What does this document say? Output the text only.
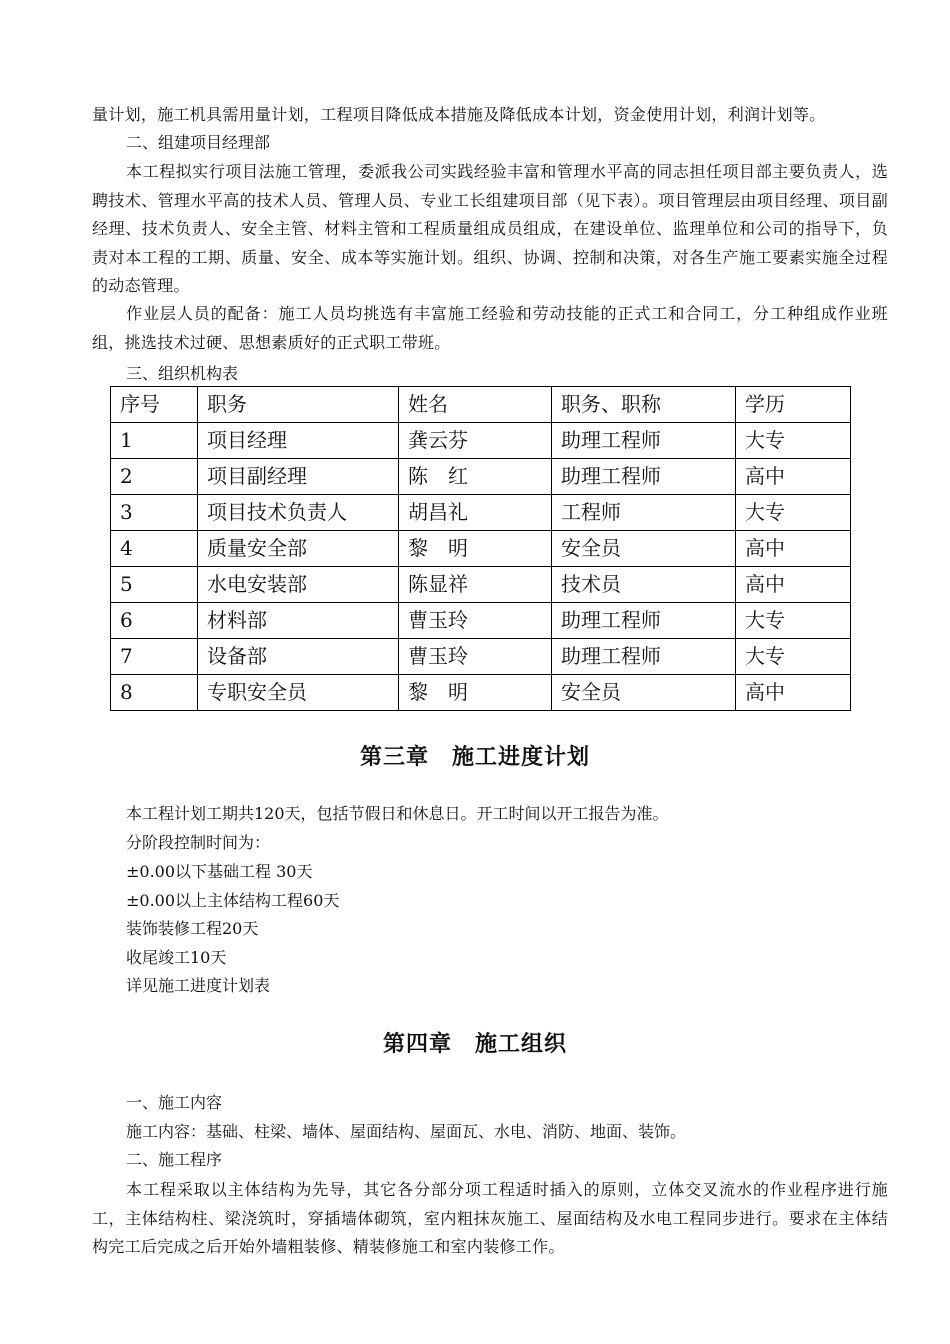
量计划，施工机具需用量计划，工程项目降低成本措施及降低成本计划，资金使用计划，利润计划等。

二、组建项目经理部

本工程拟实行项目法施工管理，委派我公司实践经验丰富和管理水平高的同志担任项目部主要负责人，选聘技术、管理水平高的技术人员、管理人员、专业工长组建项目部（见下表）。项目管理层由项目经理、项目副经理、技术负责人、安全主管、材料主管和工程质量组成员组成，在建设单位、监理单位和公司的指导下，负责对本工程的工期、质量、安全、成本等实施计划。组织、协调、控制和决策，对各生产施工要素实施全过程的动态管理。

作业层人员的配备：施工人员均挑选有丰富施工经验和劳动技能的正式工和合同工，分工种组成作业班组，挑选技术过硬、思想素质好的正式职工带班。

三、组织机构表

序号	职务	姓名	职务、职称	学历
1	项目经理	龚云芬	助理工程师	大专
2	项目副经理	陈　红	助理工程师	高中
3	项目技术负责人	胡昌礼	工程师	大专
4	质量安全部	黎　明	安全员	高中
5	水电安装部	陈显祥	技术员	高中
6	材料部	曹玉玲	助理工程师	大专
7	设备部	曹玉玲	助理工程师	大专
8	专职安全员	黎　明	安全员	高中
第三章　施工进度计划

本工程计划工期共120天，包括节假日和休息日。开工时间以开工报告为准。

分阶段控制时间为：

±0.00以下基础工程 30天

±0.00以上主体结构工程60天

装饰装修工程20天

收尾竣工10天

详见施工进度计划表

第四章　施工组织

一、施工内容

施工内容：基础、柱梁、墙体、屋面结构、屋面瓦、水电、消防、地面、装饰。

二、施工程序

本工程采取以主体结构为先导，其它各分部分项工程适时插入的原则，立体交叉流水的作业程序进行施工，主体结构柱、梁浇筑时，穿插墙体砌筑，室内粗抹灰施工、屋面结构及水电工程同步进行。要求在主体结构完工后完成之后开始外墙粗装修、精装修施工和室内装修工作。
